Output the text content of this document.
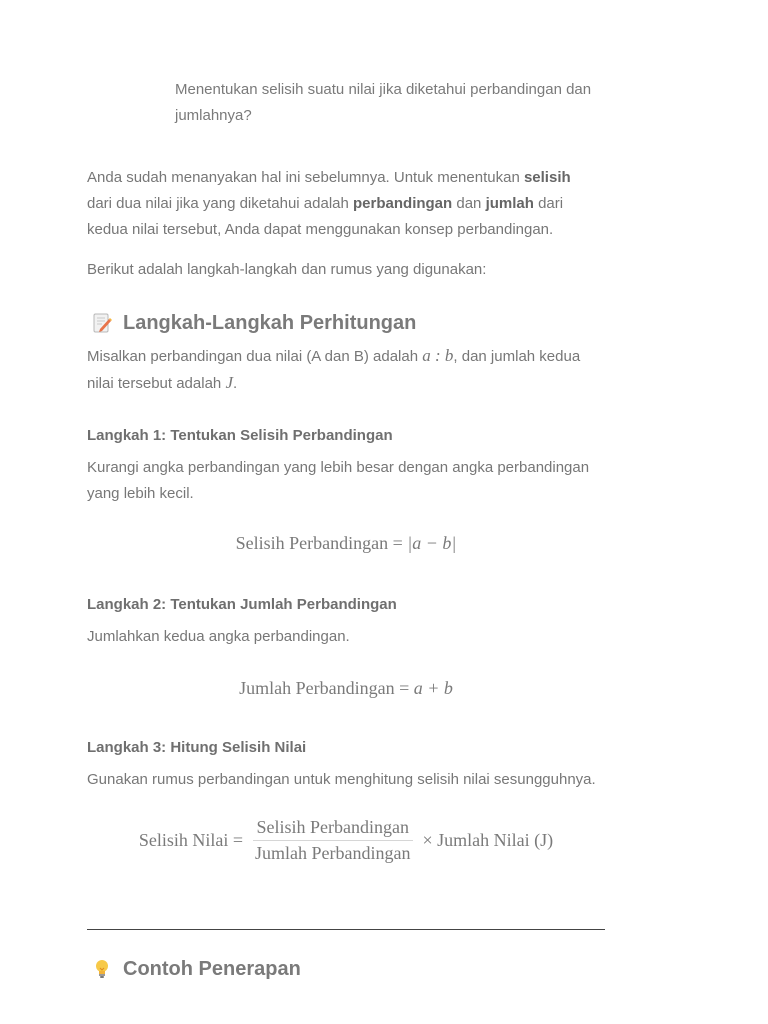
Menentukan selisih suatu nilai jika diketahui perbandingan dan jumlahnya?

Anda sudah menanyakan hal ini sebelumnya. Untuk menentukan selisih dari dua nilai jika yang diketahui adalah perbandingan dan jumlah dari kedua nilai tersebut, Anda dapat menggunakan konsep perbandingan.

Berikut adalah langkah-langkah dan rumus yang digunakan:

Langkah-Langkah Perhitungan

Misalkan perbandingan dua nilai (A dan B) adalah a : b, dan jumlah kedua nilai tersebut adalah J.

Langkah 1: Tentukan Selisih Perbandingan

Kurangi angka perbandingan yang lebih besar dengan angka perbandingan yang lebih kecil.

Selisih Perbandingan = |a − b|

Langkah 2: Tentukan Jumlah Perbandingan

Jumlahkan kedua angka perbandingan.

Jumlah Perbandingan = a + b

Langkah 3: Hitung Selisih Nilai

Gunakan rumus perbandingan untuk menghitung selisih nilai sesungguhnya.

Selisih Nilai = $\frac{\text{Selisih Perbandingan}}{\text{Jumlah Perbandingan}}$ × Jumlah Nilai (J)
Contoh Penerapan
